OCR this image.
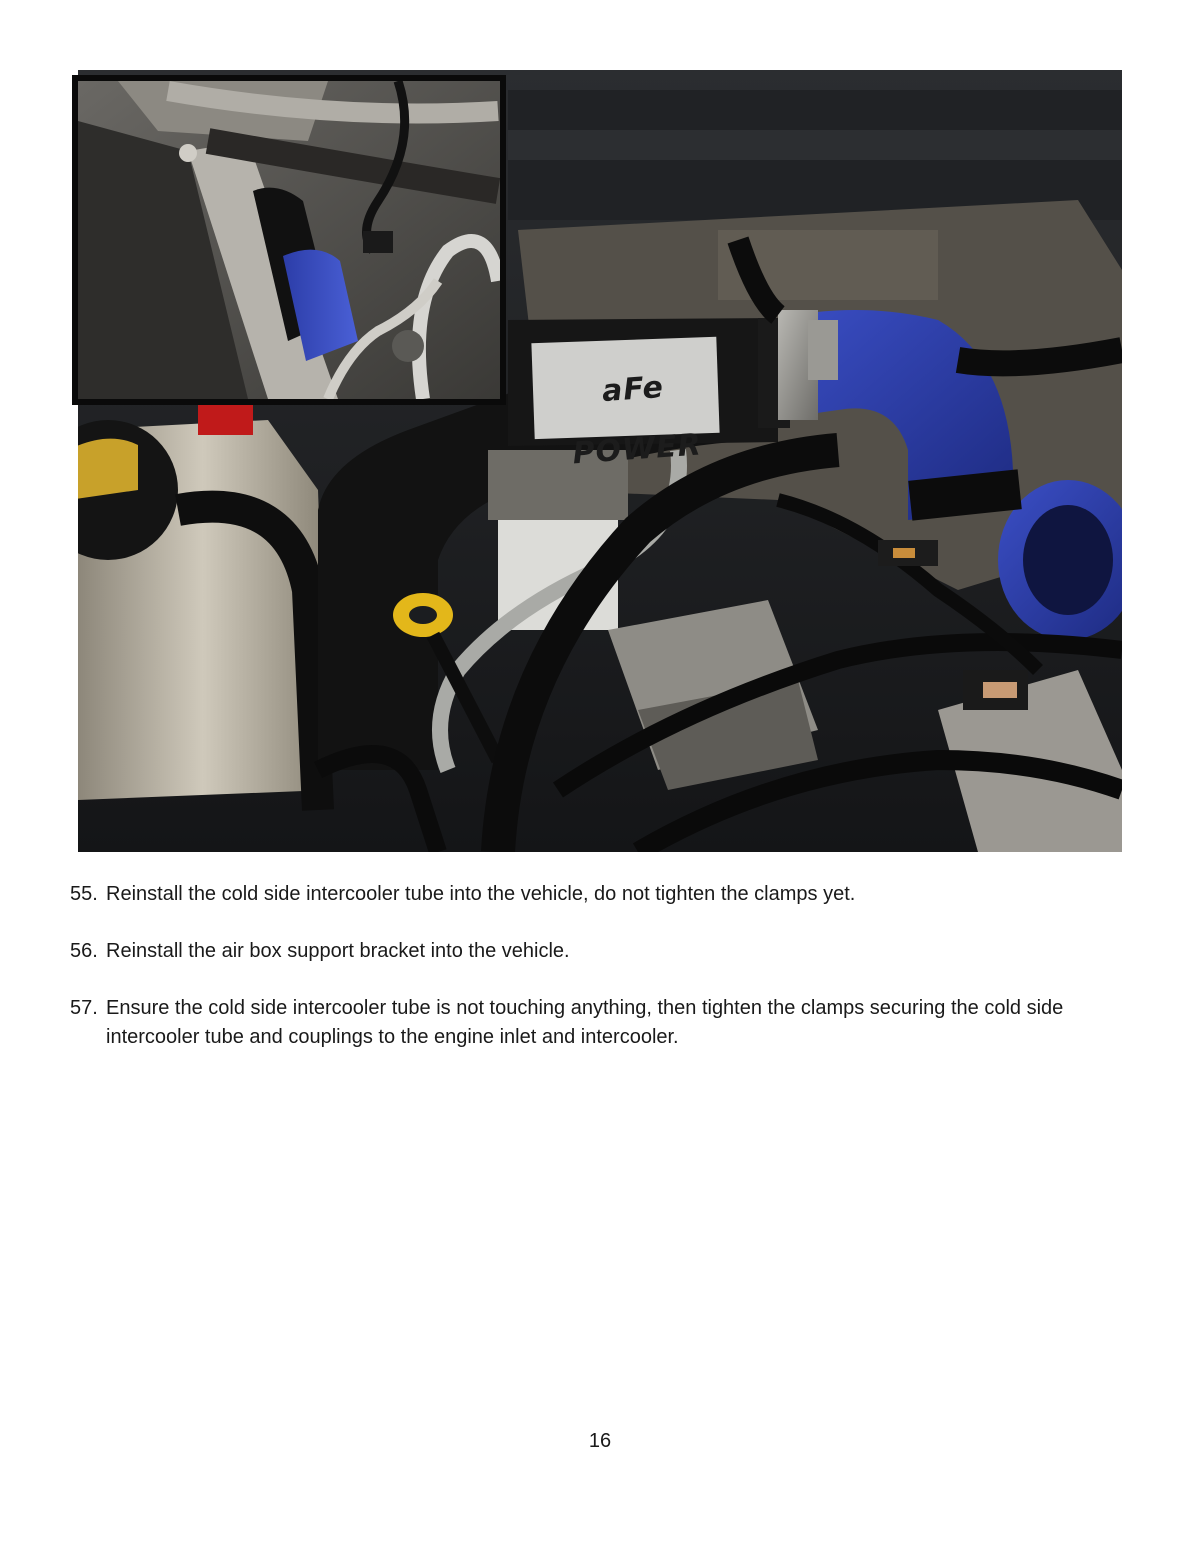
aFe POWER
55. Reinstall the cold side intercooler tube into the vehicle, do not tighten the clamps yet.
56. Reinstall the air box support bracket into the vehicle.
57. Ensure the cold side intercooler tube is not touching anything, then tighten the clamps securing the cold side intercooler tube and couplings to the engine inlet and intercooler.
16
